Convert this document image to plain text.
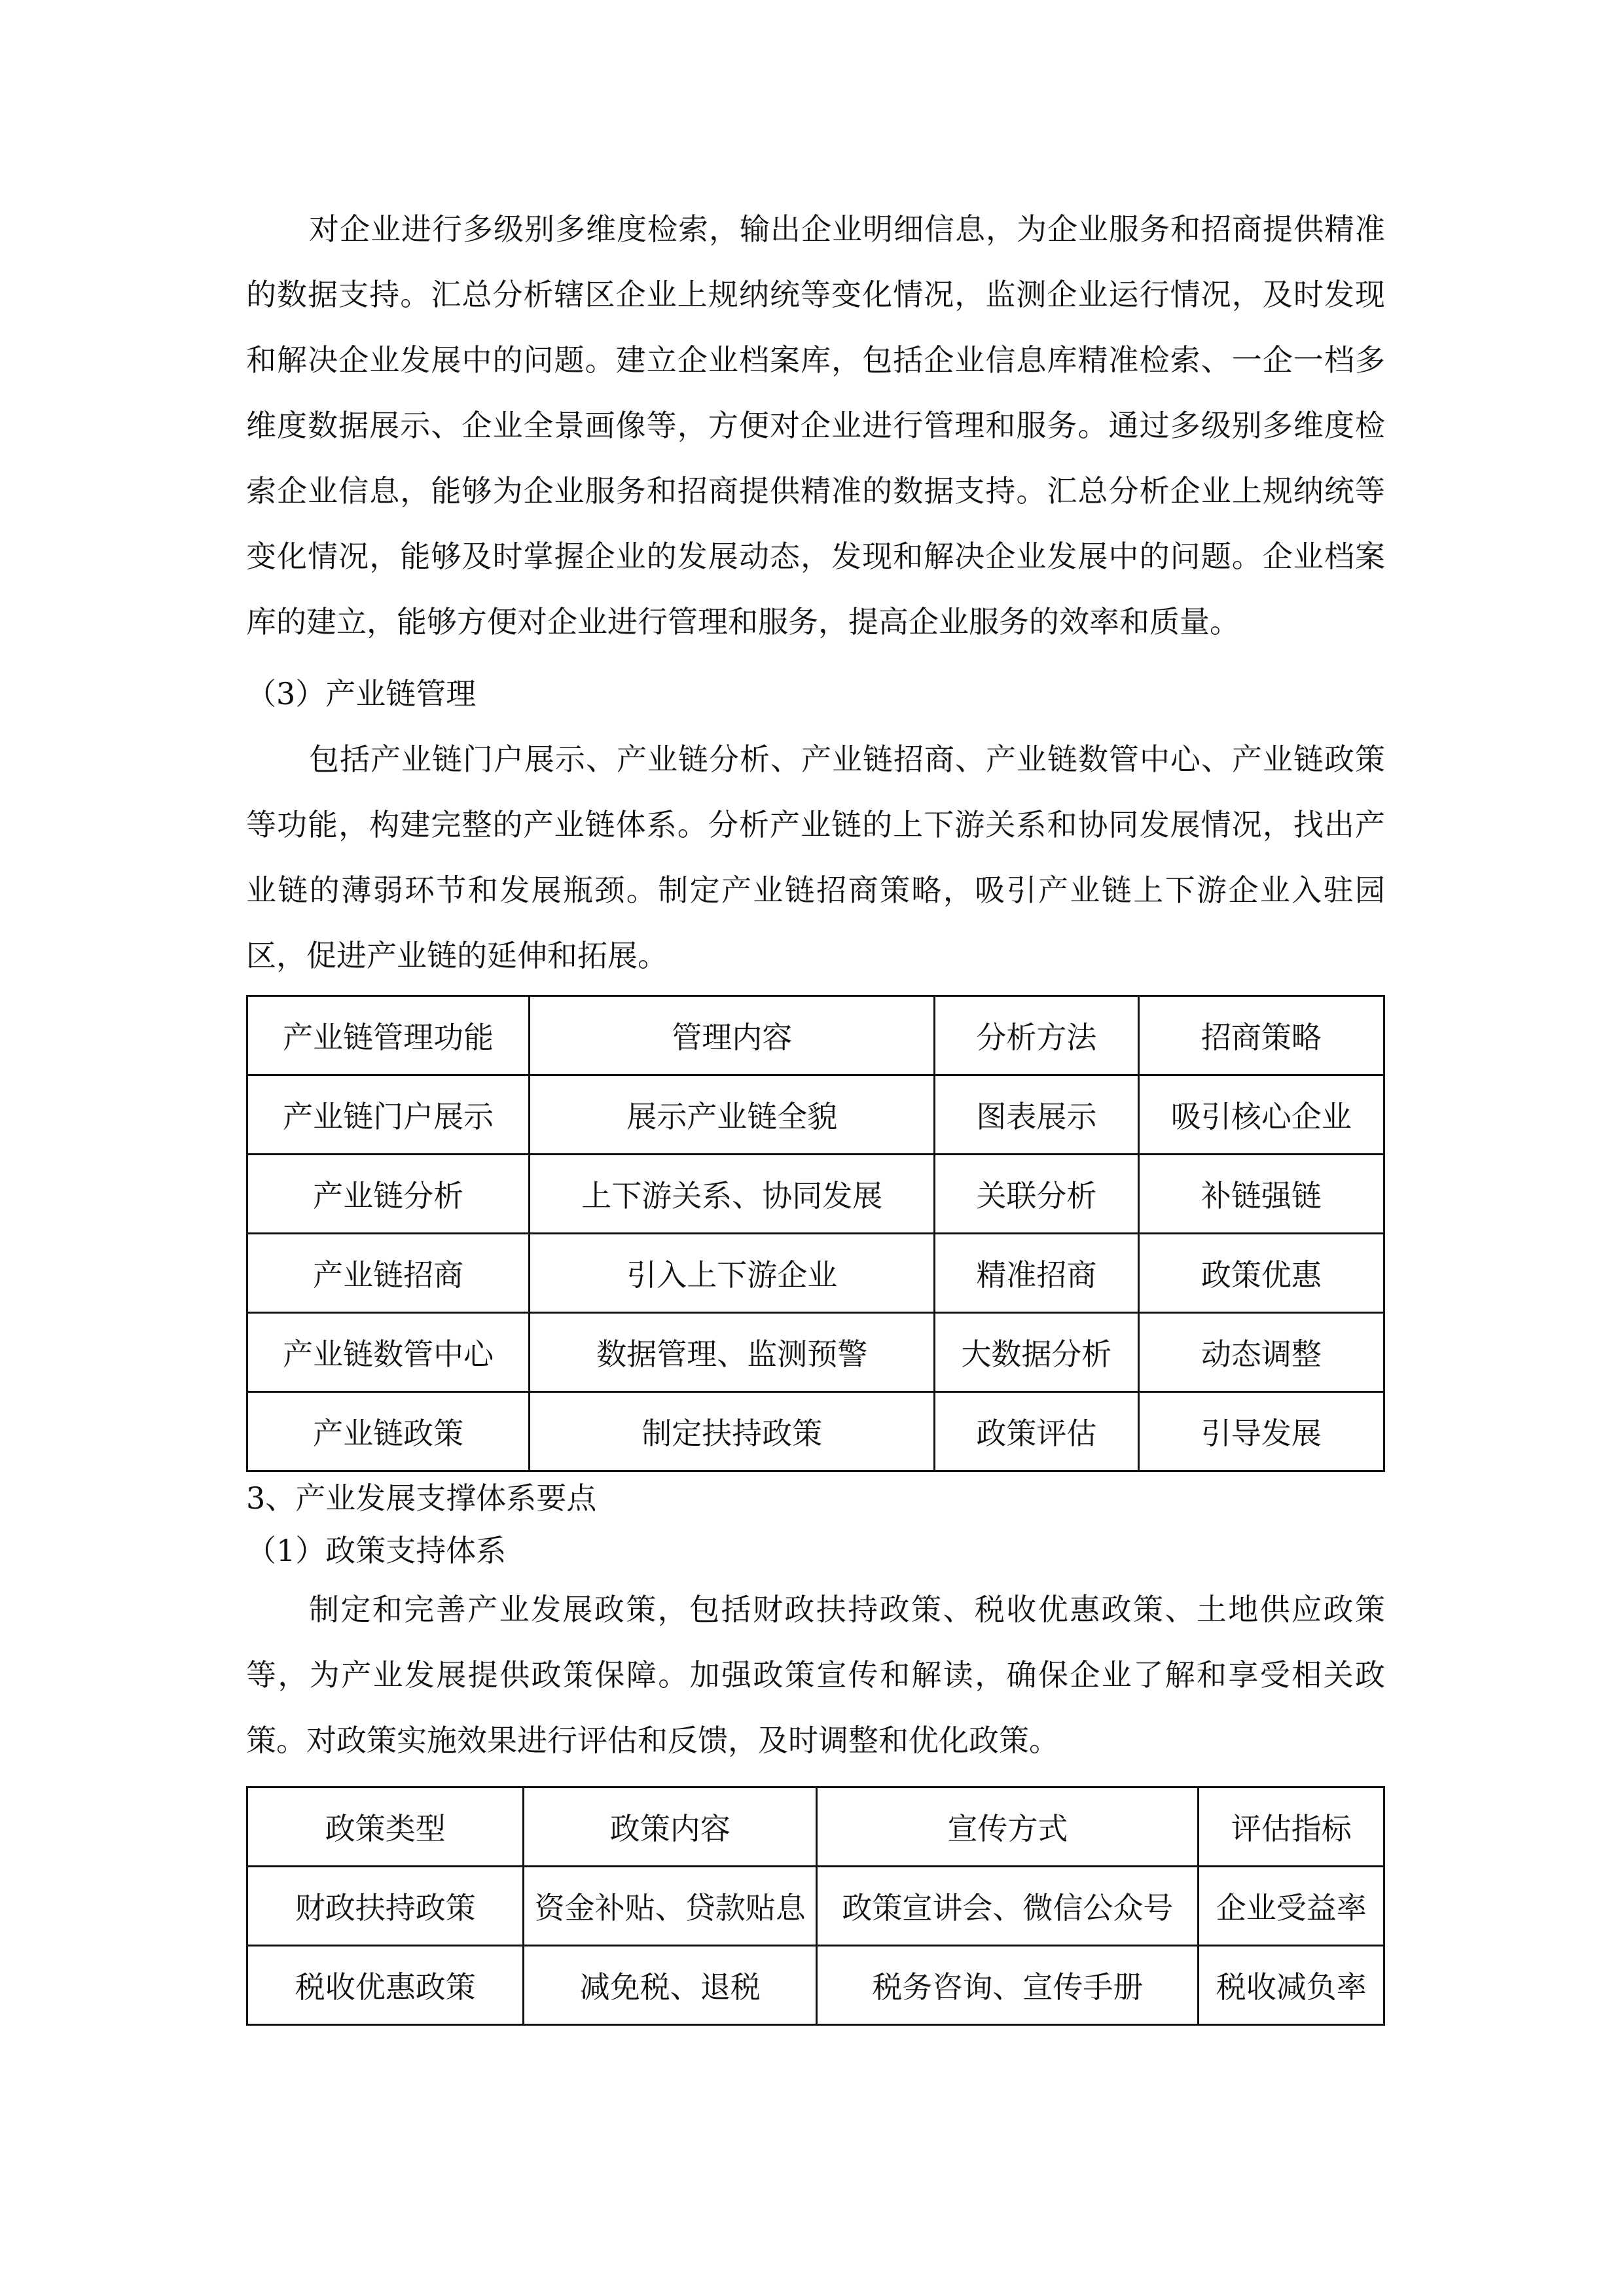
对企业进行多级别多维度检索，输出企业明细信息，为企业服务和招商提供精准的数据支持。汇总分析辖区企业上规纳统等变化情况，监测企业运行情况，及时发现和解决企业发展中的问题。建立企业档案库，包括企业信息库精准检索、一企一档多维度数据展示、企业全景画像等，方便对企业进行管理和服务。通过多级别多维度检索企业信息，能够为企业服务和招商提供精准的数据支持。汇总分析企业上规纳统等变化情况，能够及时掌握企业的发展动态，发现和解决企业发展中的问题。企业档案库的建立，能够方便对企业进行管理和服务，提高企业服务的效率和质量。

（3）产业链管理

包括产业链门户展示、产业链分析、产业链招商、产业链数管中心、产业链政策等功能，构建完整的产业链体系。分析产业链的上下游关系和协同发展情况，找出产业链的薄弱环节和发展瓶颈。制定产业链招商策略，吸引产业链上下游企业入驻园区，促进产业链的延伸和拓展。

产业链管理功能	管理内容	分析方法	招商策略
产业链门户展示	展示产业链全貌	图表展示	吸引核心企业
产业链分析	上下游关系、协同发展	关联分析	补链强链
产业链招商	引入上下游企业	精准招商	政策优惠
产业链数管中心	数据管理、监测预警	大数据分析	动态调整
产业链政策	制定扶持政策	政策评估	引导发展

3、产业发展支撑体系要点

（1）政策支持体系

制定和完善产业发展政策，包括财政扶持政策、税收优惠政策、土地供应政策等，为产业发展提供政策保障。加强政策宣传和解读，确保企业了解和享受相关政策。对政策实施效果进行评估和反馈，及时调整和优化政策。

政策类型	政策内容	宣传方式	评估指标
财政扶持政策	资金补贴、贷款贴息	政策宣讲会、微信公众号	企业受益率
税收优惠政策	减免税、退税	税务咨询、宣传手册	税收减负率
